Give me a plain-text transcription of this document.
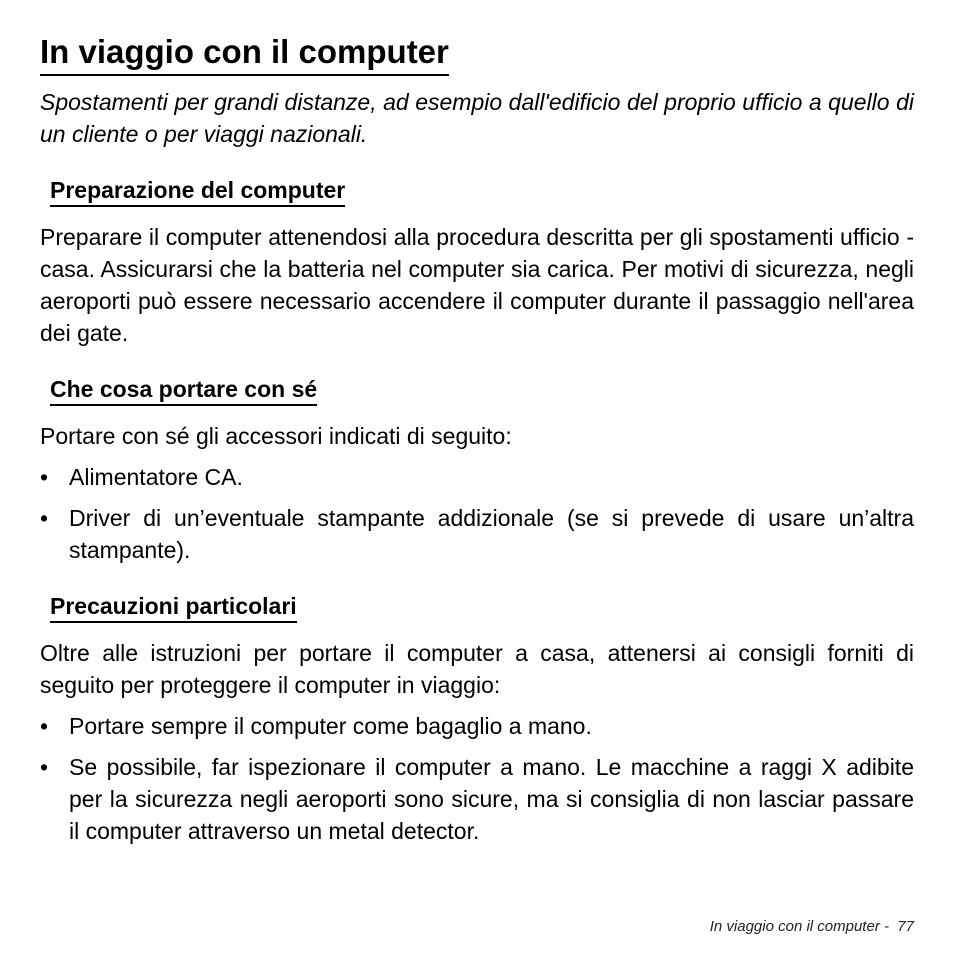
In viaggio con il computer

Spostamenti per grandi distanze, ad esempio dall'edificio del proprio ufficio a quello di un cliente o per viaggi nazionali.

Preparazione del computer

Preparare il computer attenendosi alla procedura descritta per gli spostamenti ufficio - casa. Assicurarsi che la batteria nel computer sia carica. Per motivi di sicurezza, negli aeroporti può essere necessario accendere il computer durante il passaggio nell'area dei gate.

Che cosa portare con sé

Portare con sé gli accessori indicati di seguito:

• Alimentatore CA.
• Driver di un’eventuale stampante addizionale (se si prevede di usare un’altra stampante).
Precauzioni particolari

Oltre alle istruzioni per portare il computer a casa, attenersi ai consigli forniti di seguito per proteggere il computer in viaggio:

• Portare sempre il computer come bagaglio a mano.
• Se possibile, far ispezionare il computer a mano. Le macchine a raggi X adibite per la sicurezza negli aeroporti sono sicure, ma si consiglia di non lasciar passare il computer attraverso un metal detector.
In viaggio con il computer -  77
